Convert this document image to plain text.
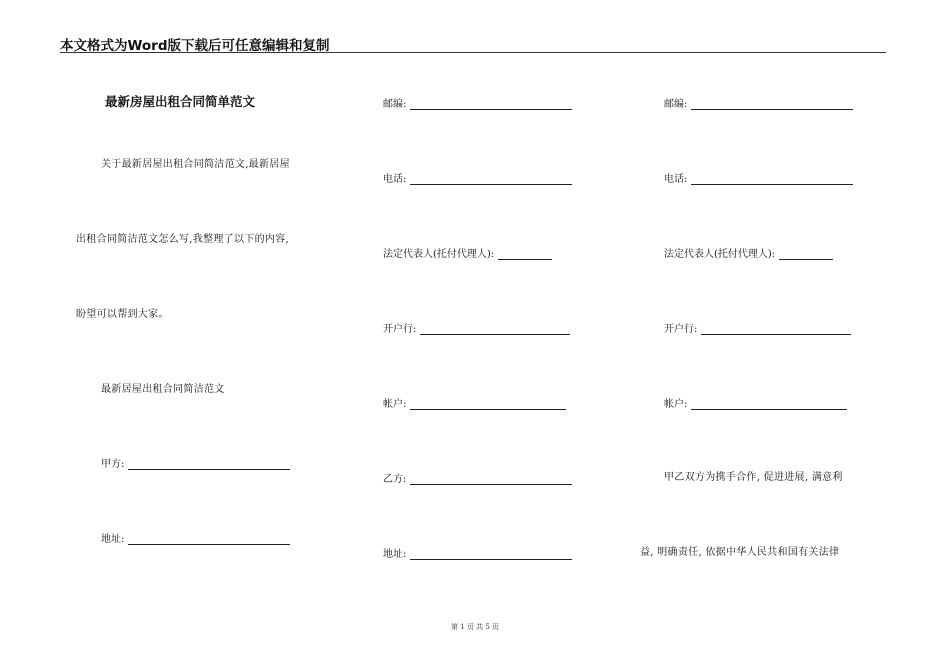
本文格式为Word版下载后可任意编辑和复制
最新房屋出租合同简单范文
关于最新居屋出租合同简洁范文,最新居屋
出租合同简洁范文怎么写,我整理了以下的内容,
盼望可以帮到大家。
最新居屋出租合同简洁范文
甲方:
地址:
邮编:
电话:
法定代表人(托付代理人):
开户行:
帐户:
乙方:
地址:
邮编:
电话:
法定代表人(托付代理人):
开户行:
帐户:
甲乙双方为携手合作, 促进进展, 满意利
益, 明确责任, 依据中华人民共和国有关法律
第 1 页 共 5 页
